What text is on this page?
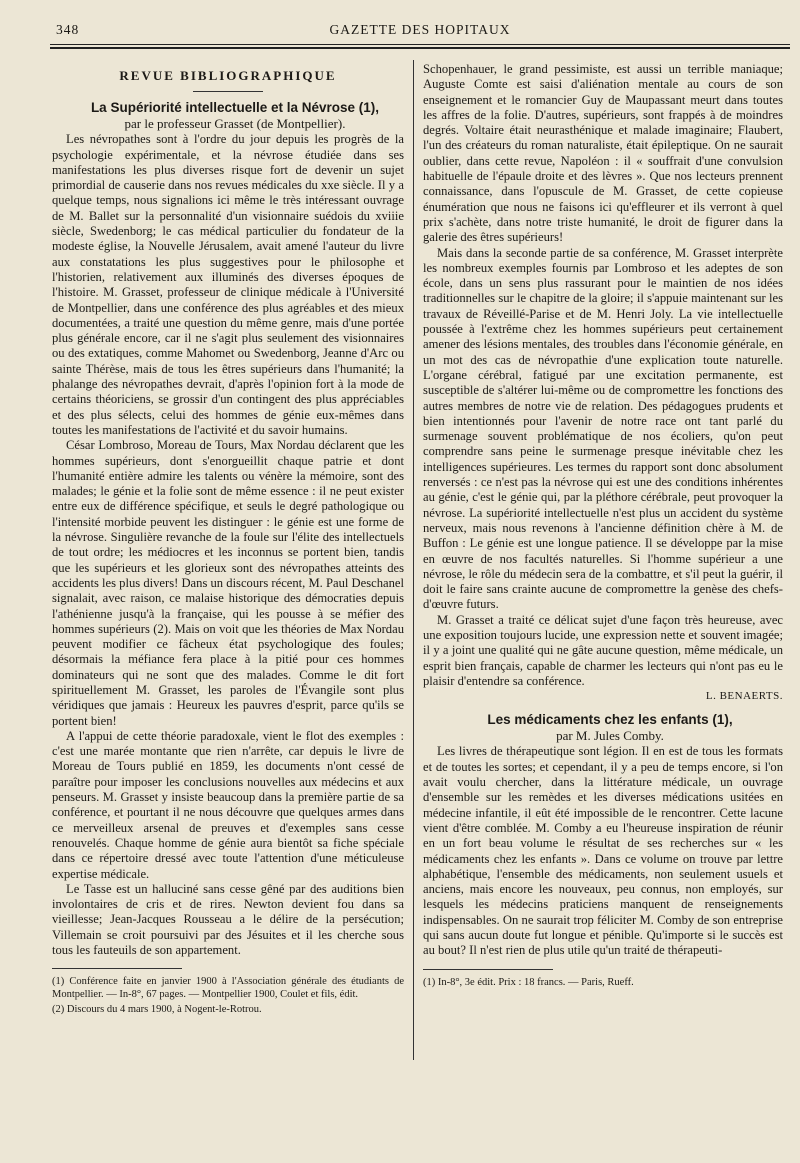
348	GAZETTE DES HOPITAUX
REVUE BIBLIOGRAPHIQUE

La Supériorité intellectuelle et la Névrose (1),

par le professeur Grasset (de Montpellier).

Les névropathes sont à l'ordre du jour depuis les progrès de la psychologie expérimentale, et la névrose étudiée dans ses manifestations les plus diverses risque fort de devenir un sujet primordial de causerie dans nos revues médicales du xxe siècle. Il y a quelque temps, nous signalions ici même le très intéressant ouvrage de M. Ballet sur la personnalité d'un visionnaire suédois du xviiie siècle, Swedenborg; le cas médical particulier du fondateur de la modeste église, la Nouvelle Jérusalem, avait amené l'auteur du livre aux constatations les plus suggestives pour le philosophe et l'historien, relativement aux illuminés des diverses époques de l'histoire. M. Grasset, professeur de clinique médicale à l'Université de Montpellier, dans une conférence des plus agréables et des mieux documentées, a traité une question du même genre, mais d'une portée plus générale encore, car il ne s'agit plus seulement des visionnaires ou des extatiques, comme Mahomet ou Swedenborg, Jeanne d'Arc ou sainte Thérèse, mais de tous les êtres supérieurs dans l'humanité; la phalange des névropathes devrait, d'après l'opinion fort à la mode de certains théoriciens, se grossir d'un contingent des plus appréciables et des plus sélects, celui des hommes de génie eux-mêmes dans toutes les manifestations de l'activité et du savoir humains.

César Lombroso, Moreau de Tours, Max Nordau déclarent que les hommes supérieurs, dont s'enorgueillit chaque patrie et dont l'humanité entière admire les talents ou vénère la mémoire, sont des malades; le génie et la folie sont de même essence : il ne peut exister entre eux de différence spécifique, et seuls le degré pathologique ou l'intensité morbide peuvent les distinguer : le génie est une forme de la névrose. Singulière revanche de la foule sur l'élite des intellectuels de tout ordre; les médiocres et les inconnus se portent bien, tandis que les supérieurs et les glorieux sont des névropathes atteints des accidents les plus divers! Dans un discours récent, M. Paul Deschanel signalait, avec raison, ce malaise historique des démocraties depuis l'athénienne jusqu'à la française, qui les pousse à se méfier des hommes supérieurs (2). Mais on voit que les théories de Max Nordau peuvent modifier ce fâcheux état psychologique des foules; désormais la méfiance fera place à la pitié pour ces hommes dominateurs qui ne sont que des malades. Comme le dit fort spirituellement M. Grasset, les paroles de l'Évangile sont plus véridiques que jamais : Heureux les pauvres d'esprit, parce qu'ils se portent bien!

A l'appui de cette théorie paradoxale, vient le flot des exemples : c'est une marée montante que rien n'arrête, car depuis le livre de Moreau de Tours publié en 1859, les documents n'ont cessé de paraître pour imposer les conclusions nouvelles aux médecins et aux penseurs. M. Grasset y insiste beaucoup dans la première partie de sa conférence, et pourtant il ne nous découvre que quelques armes dans ce merveilleux arsenal de preuves et d'exemples sans cesse renouvelés. Chaque homme de génie aura bientôt sa fiche spéciale dans ce répertoire dressé avec toute l'attention d'une méticuleuse expertise médicale.

Le Tasse est un halluciné sans cesse gêné par des auditions bien involontaires de cris et de rires. Newton devient fou dans sa vieillesse; Jean-Jacques Rousseau a le délire de la persécution; Villemain se croit poursuivi par des Jésuites et il les cherche sous tous les fauteuils de son appartement.

(1) Conférence faite en janvier 1900 à l'Association générale des étudiants de Montpellier. — In-8°, 67 pages. — Montpellier 1900, Coulet et fils, édit.

(2) Discours du 4 mars 1900, à Nogent-le-Rotrou.

Schopenhauer, le grand pessimiste, est aussi un terrible maniaque; Auguste Comte est saisi d'aliénation mentale au cours de son enseignement et le romancier Guy de Maupassant meurt dans toutes les affres de la folie. D'autres, supérieurs, sont frappés à de moindres degrés. Voltaire était neurasthénique et malade imaginaire; Flaubert, l'un des créateurs du roman naturaliste, était épileptique. On ne saurait oublier, dans cette revue, Napoléon : il « souffrait d'une convulsion habituelle de l'épaule droite et des lèvres ». Que nos lecteurs prennent connaissance, dans l'opuscule de M. Grasset, de cette copieuse énumération que nous ne faisons ici qu'effleurer et ils verront à quel prix s'achète, dans notre triste humanité, le droit de figurer dans la galerie des êtres supérieurs!

Mais dans la seconde partie de sa conférence, M. Grasset interprète les nombreux exemples fournis par Lombroso et les adeptes de son école, dans un sens plus rassurant pour le maintien de nos idées traditionnelles sur le chapitre de la gloire; il s'appuie maintenant sur les travaux de Réveillé-Parise et de M. Henri Joly. La vie intellectuelle poussée à l'extrême chez les hommes supérieurs peut certainement amener des lésions mentales, des troubles dans l'économie générale, en un mot des cas de névropathie d'une explication toute naturelle. L'organe cérébral, fatigué par une excitation permanente, est susceptible de s'altérer lui-même ou de compromettre les fonctions des autres membres de notre vie de relation. Des pédagogues prudents et bien intentionnés pour l'avenir de notre race ont tant parlé du surmenage souvent problématique de nos écoliers, qu'on peut comprendre sans peine le surmenage presque inévitable chez les intelligences supérieures. Les termes du rapport sont donc absolument renversés : ce n'est pas la névrose qui est une des conditions inhérentes au génie, c'est le génie qui, par la pléthore cérébrale, peut provoquer la névrose. La supériorité intellectuelle n'est plus un accident du système nerveux, mais nous revenons à l'ancienne définition chère à M. de Buffon : Le génie est une longue patience. Il se développe par la mise en œuvre de nos facultés naturelles. Si l'homme supérieur a une névrose, le rôle du médecin sera de la combattre, et s'il peut la guérir, il doit le faire sans crainte aucune de compromettre la genèse des chefs-d'œuvre futurs.

M. Grasset a traité ce délicat sujet d'une façon très heureuse, avec une exposition toujours lucide, une expression nette et souvent imagée; il y a joint une qualité qui ne gâte aucune question, même médicale, un esprit bien français, capable de charmer les lecteurs qui n'ont pas eu le plaisir d'entendre sa conférence.

L. BENAERTS.

Les médicaments chez les enfants (1),

par M. Jules Comby.

Les livres de thérapeutique sont légion. Il en est de tous les formats et de toutes les sortes; et cependant, il y a peu de temps encore, si l'on avait voulu chercher, dans la littérature médicale, un ouvrage d'ensemble sur les remèdes et les diverses médications usitées en médecine infantile, il eût été impossible de le rencontrer. Cette lacune vient d'être comblée. M. Comby a eu l'heureuse inspiration de réunir en un fort beau volume le résultat de ses recherches sur « les médicaments chez les enfants ». Dans ce volume on trouve par lettre alphabétique, l'ensemble des médicaments, non seulement usuels et anciens, mais encore les nouveaux, peu connus, non employés, sur lesquels les médecins praticiens manquent de renseignements indispensables. On ne saurait trop féliciter M. Comby de son entreprise qui sans aucun doute fut longue et pénible. Qu'importe si le succès est au bout? Il n'est rien de plus utile qu'un traité de thérapeuti-

(1) In-8°, 3e édit. Prix : 18 francs. — Paris, Rueff.
